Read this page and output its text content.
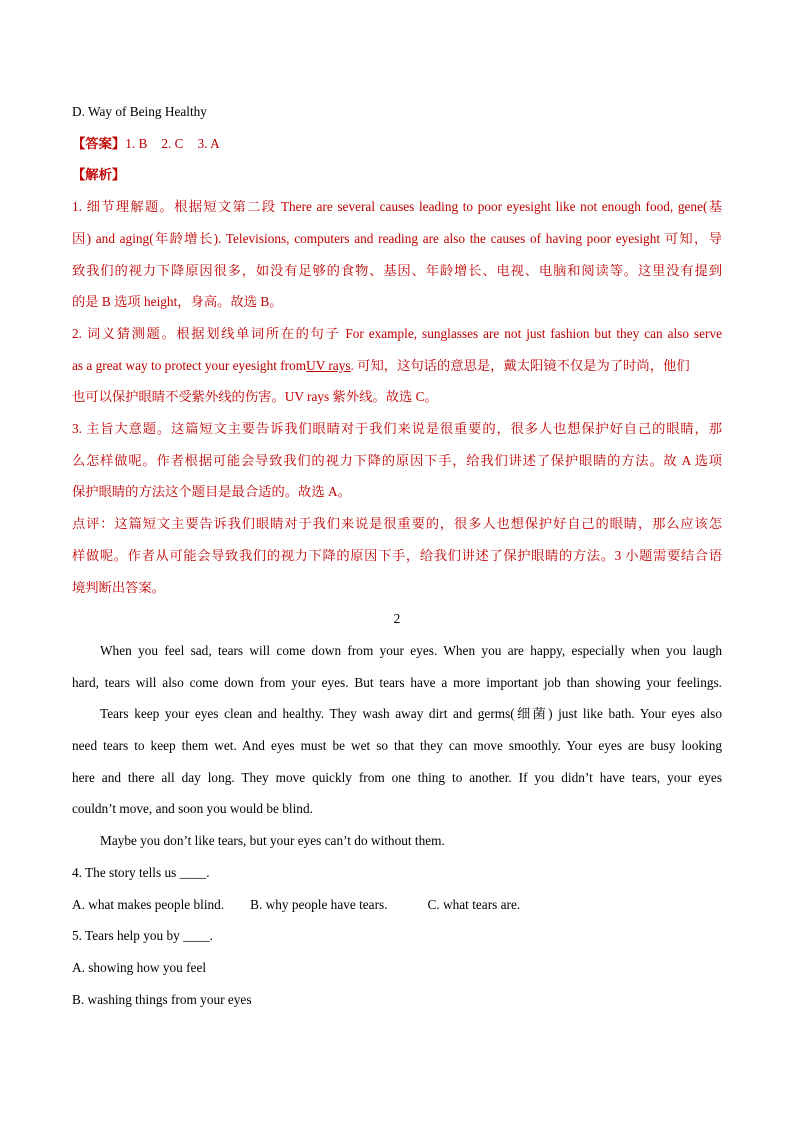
D. Way of Being Healthy
【答案】1. B 2. C 3. A
【解析】
1. 细节理解题。根据短文第二段 There are several causes leading to poor eyesight like not enough food, gene(基
因) and aging(年龄增长). Televisions, computers and reading are also the causes of having poor eyesight 可知，导
致我们的视力下降原因很多，如没有足够的食物、基因、年龄增长、电视、电脑和阅读等。这里没有提到
的是 B 选项 height，身高。故选 B。
2. 词义猜测题。根据划线单词所在的句子 For example, sunglasses are not just fashion but they can also serve
as a great way to protect your eyesight fromUV rays. 可知，这句话的意思是，戴太阳镜不仅是为了时尚，他们
也可以保护眼睛不受紫外线的伤害。UV rays 紫外线。故选 C。
3. 主旨大意题。这篇短文主要告诉我们眼睛对于我们来说是很重要的，很多人也想保护好自己的眼睛，那
么怎样做呢。作者根据可能会导致我们的视力下降的原因下手，给我们讲述了保护眼睛的方法。故 A 选项
保护眼睛的方法这个题目是最合适的。故选 A。
点评：这篇短文主要告诉我们眼睛对于我们来说是很重要的，很多人也想保护好自己的眼睛，那么应该怎
样做呢。作者从可能会导致我们的视力下降的原因下手，给我们讲述了保护眼睛的方法。3 小题需要结合语
境判断出答案。
2
When you feel sad, tears will come down from your eyes. When you are happy, especially when you laugh
hard, tears will also come down from your eyes. But tears have a more important job than showing your feelings.
Tears keep your eyes clean and healthy. They wash away dirt and germs(细菌) just like bath. Your eyes also
need tears to keep them wet. And eyes must be wet so that they can move smoothly. Your eyes are busy looking
here and there all day long. They move quickly from one thing to another. If you didn’t have tears, your eyes
couldn’t move, and soon you would be blind.
Maybe you don’t like tears, but your eyes can’t do without them.
4. The story tells us ____.
A. what makes people blind. B. why people have tears.	C. what tears are.
5. Tears help you by ____.
A. showing how you feel
B. washing things from your eyes
